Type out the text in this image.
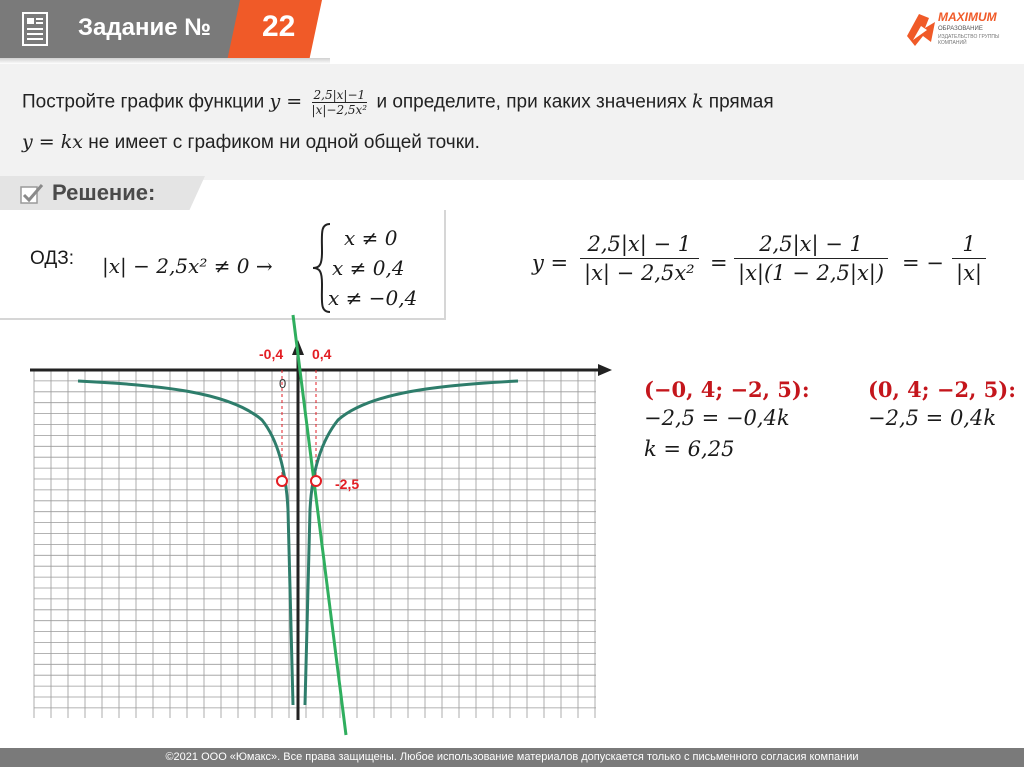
Задание № 22	MAXIMUM
ОБРАЗОВАНИЕ
ИЗДАТЕЛЬСТВО ГРУППЫ КОМПАНИЙ
Постройте график функции $y = \frac{2,5|x|-1}{\text{|x|−2,5x²}}$ и определите, при каких значениях k прямая
y = kx не имеет с графиком ни одной общей точки.
Решение:
ОДЗ: |x| − 2,5x² ≠ 0 →
x ≠ 0
x ≠ 0,4
x ≠ −0,4
$y = \frac{2,5|x| - 1}{\text{|x| − 2,5x²}} = \frac{2,5|x| - 1}{|x|(1 - 2,5|x|)}$ = − $\frac{1}{|x|}$
-0,4 0,4
0
-2,5
(−0, 4; −2, 5):
−2,5 = −0,4k
k = 6,25
(0, 4; −2, 5):
−2,5 = 0,4k
©2021 ООО «Юмакс». Все права защищены. Любое использование материалов допускается только с письменного согласия компании
